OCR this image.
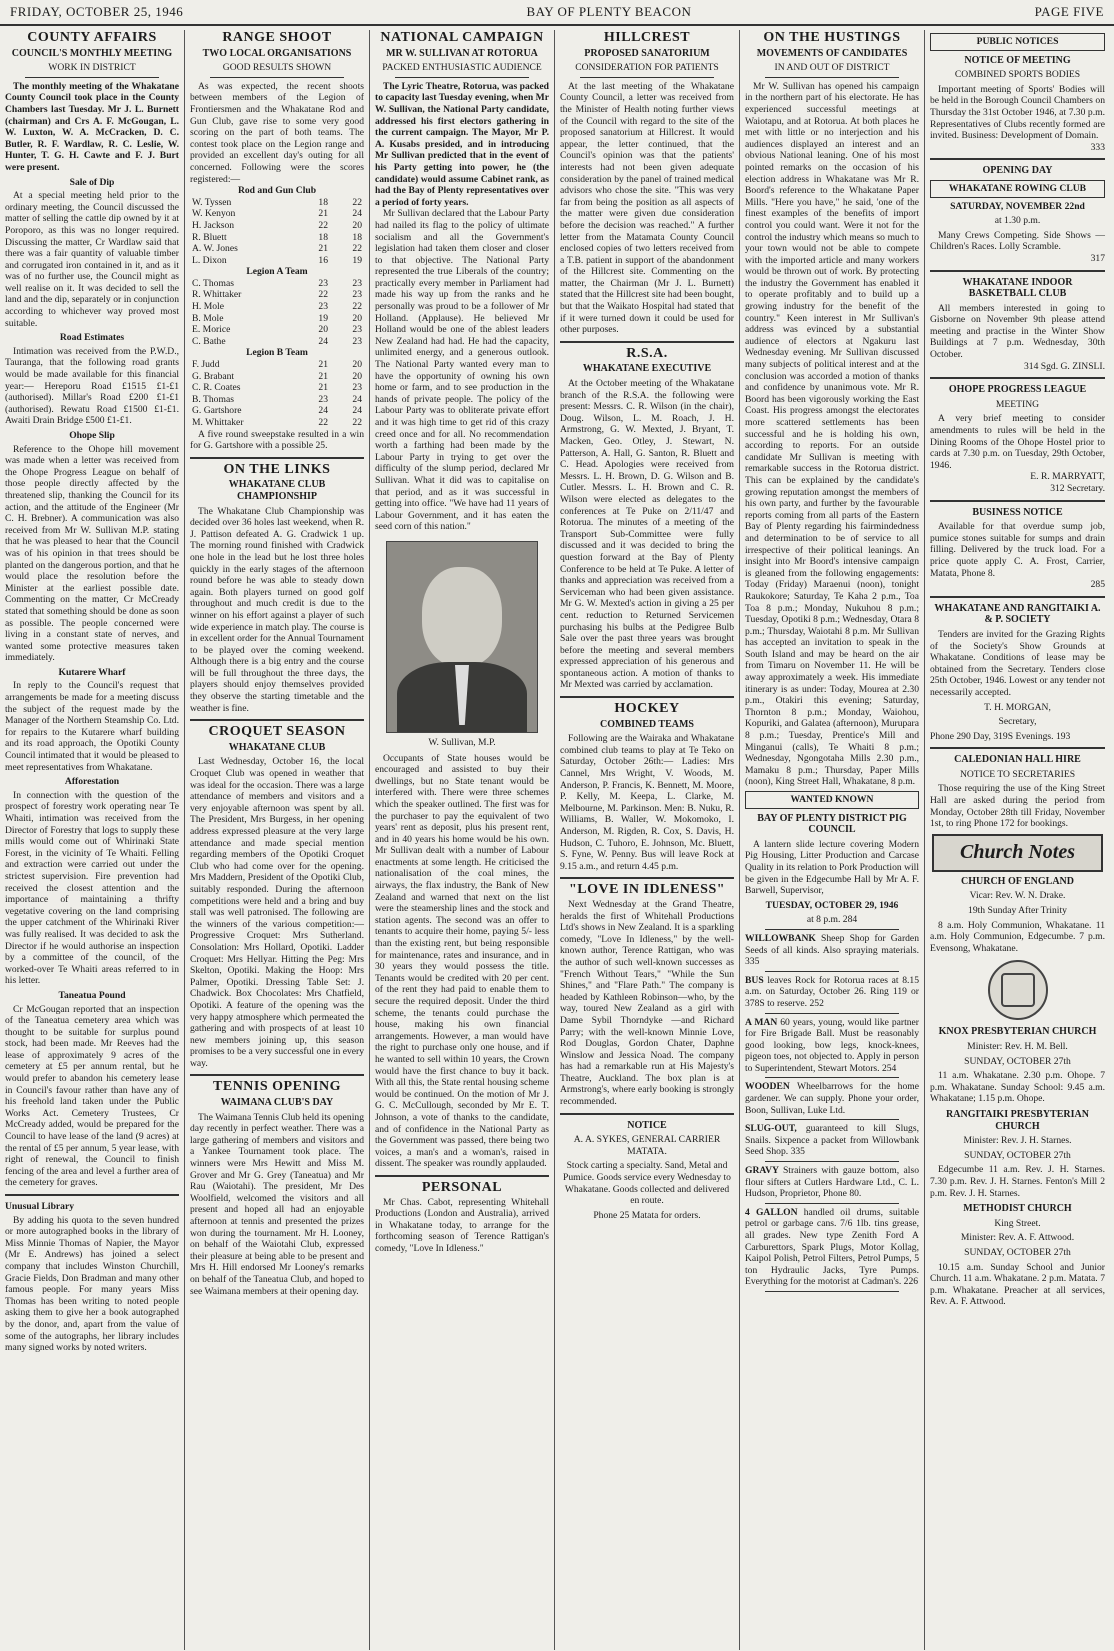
FRIDAY, OCTOBER 25, 1946	BAY OF PLENTY BEACON	PAGE FIVE
COUNTY AFFAIRS
COUNCIL'S MONTHLY MEETING
WORK IN DISTRICT

The monthly meeting of the Whakatane County Council took place in the County Chambers last Tuesday. Mr J. L. Burnett (chairman) and Crs A. F. McGougan, L. W. Luxton, W. A. McCracken, D. C. Butler, R. F. Wardlaw, R. C. Leslie, W. Hunter, T. G. H. Cawte and F. J. Burt were present.

Sale of Dip

At a special meeting held prior to the ordinary meeting, the Council discussed the matter of selling the cattle dip owned by it at Poroporo, as this was no longer required. Discussing the matter, Cr Wardlaw said that there was a fair quantity of valuable timber and corrugated iron contained in it, and as it was of no further use, the Council might as well realise on it. It was decided to sell the land and the dip, separately or in conjunction according to whichever way proved most suitable.

Road Estimates

Intimation was received from the P.W.D., Tauranga, that the following road grants would be made available for this financial year:— Hereporu Road £1515 £1-£1 (authorised). Millar's Road £200 £1-£1 (authorised). Rewatu Road £1500 £1-£1. Awaiti Drain Bridge £500 £1-£1.

Ohope Slip

Reference to the Ohope hill movement was made when a letter was received from the Ohope Progress League on behalf of those people directly affected by the threatened slip, thanking the Council for its action, and the attitude of the Engineer (Mr C. H. Brebner). A communication was also received from Mr W. Sullivan M.P. stating that he was pleased to hear that the Council was of his opinion in that trees should be planted on the dangerous portion, and that he would place the resolution before the Minister at the earliest possible date. Commenting on the matter, Cr McCready stated that something should be done as soon as possible. The people concerned were living in a constant state of nerves, and wanted some protective measures taken immediately.

Kutarere Wharf

In reply to the Council's request that arrangements be made for a meeting discuss the subject of the request made by the Manager of the Northern Steamship Co. Ltd. for repairs to the Kutarere wharf building and its road approach, the Opotiki County Council intimated that it would be pleased to meet representatives from Whakatane.

Afforestation

In connection with the question of the prospect of forestry work operating near Te Whaiti, intimation was received from the Director of Forestry that logs to supply these mills would come out of Whirinaki State Forest, in the vicinity of Te Whaiti. Felling and extraction were carried out under the strictest supervision. Fire prevention had received the closest attention and the importance of maintaining a thrifty vegetative covering on the land comprising the upper catchment of the Whirinaki River was fully realised. It was decided to ask the Director if he would authorise an inspection by a committee of the council, of the worked-over Te Whaiti areas referred to in his letter.

Taneatua Pound

Cr McGougan reported that an inspection of the Taneatua cemetery area which was thought to be suitable for surplus pound stock, had been made. Mr Reeves had the lease of approximately 9 acres of the cemetery at £5 per annum rental, but he would prefer to abandon his cemetery lease in Council's favour rather than have any of his freehold land taken under the Public Works Act. Cemetery Trustees, Cr McCready added, would be prepared for the Council to have lease of the land (9 acres) at the rental of £5 per annum, 5 year lease, with right of renewal, the Council to finish fencing of the area and level a further area of the cemetery for graves.

Unusual Library

By adding his quota to the seven hundred or more autographed books in the library of Miss Minnie Thomas of Napier, the Mayor (Mr E. Andrews) has joined a select company that includes Winston Churchill, Gracie Fields, Don Bradman and many other famous people. For many years Miss Thomas has been writing to noted people asking them to give her a book autographed by the donor, and, apart from the value of some of the autographs, her library includes many signed works by noted writers.

RANGE SHOOT
TWO LOCAL ORGANISATIONS
GOOD RESULTS SHOWN

As was expected, the recent shoots between members of the Legion of Frontiersmen and the Whakatane Rod and Gun Club, gave rise to some very good scoring on the part of both teams. The contest took place on the Legion range and provided an excellent day's outing for all concerned. Following were the scores registered:—

Rod and Gun Club
W. Tyssen	18	22
W. Kenyon	21	24
H. Jackson	22	20
R. Bluett	18	18
A. W. Jones	21	22
L. Dixon	16	19
Legion A Team
C. Thomas	23	23
R. Whittaker	22	23
H. Mole	23	22
B. Mole	19	20
E. Morice	20	23
C. Bathe	24	23
Legion B Team
F. Judd	21	20
G. Brabant	21	20
C. R. Coates	21	23
B. Thomas	23	24
G. Gartshore	24	24
M. Whittaker	22	22

A five round sweepstake resulted in a win for G. Gartshore with a possible 25.

ON THE LINKS
WHAKATANE CLUB CHAMPIONSHIP

The Whakatane Club Championship was decided over 36 holes last weekend, when R. J. Pattison defeated A. G. Cradwick 1 up. The morning round finished with Cradwick one hole in the lead but he lost three holes quickly in the early stages of the afternoon round before he was able to steady down again. Both players turned on good golf throughout and much credit is due to the winner on his effort against a player of such wide experience in match play. The course is in excellent order for the Annual Tournament to be played over the coming weekend. Although there is a big entry and the course will be full throughout the three days, the players should enjoy themselves provided they observe the starting timetable and the weather is fine.

CROQUET SEASON
WHAKATANE CLUB

Last Wednesday, October 16, the local Croquet Club was opened in weather that was ideal for the occasion. There was a large attendance of members and visitors and a very enjoyable afternoon was spent by all. The President, Mrs Burgess, in her opening address expressed pleasure at the very large attendance and made special mention regarding members of the Opotiki Croquet Club who had come over for the opening. Mrs Maddern, President of the Opotiki Club, suitably responded. During the afternoon competitions were held and a bring and buy stall was well patronised. The following are the winners of the various competition:— Progressive Croquet: Mrs Sutherland. Consolation: Mrs Hollard, Opotiki. Ladder Croquet: Mrs Hellyar. Hitting the Peg: Mrs Skelton, Opotiki. Making the Hoop: Mrs Palmer, Opotiki. Dressing Table Set: J. Chadwick. Box Chocolates: Mrs Chatfield, Opotiki. A feature of the opening was the very happy atmosphere which permeated the gathering and with prospects of at least 10 new members joining up, this season promises to be a very successful one in every way.

TENNIS OPENING
WAIMANA CLUB'S DAY

The Waimana Tennis Club held its opening day recently in perfect weather. There was a large gathering of members and visitors and a Yankee Tournament took place. The winners were Mrs Hewitt and Miss M. Grover and Mr G. Grey (Taneatua) and Mr Rau (Waiotahi). The president, Mr Des Woolfield, welcomed the visitors and all present and hoped all had an enjoyable afternoon at tennis and presented the prizes won during the tournament. Mr H. Looney, on behalf of the Waiotahi Club, expressed their pleasure at being able to be present and Mrs H. Hill endorsed Mr Looney's remarks on behalf of the Taneatua Club, and hoped to see Waimana members at their opening day.

NATIONAL CAMPAIGN
MR W. SULLIVAN AT ROTORUA
PACKED ENTHUSIASTIC AUDIENCE

The Lyric Theatre, Rotorua, was packed to capacity last Tuesday evening, when Mr W. Sullivan, the National Party candidate, addressed his first electors gathering in the current campaign. The Mayor, Mr P. A. Kusabs presided, and in introducing Mr Sullivan predicted that in the event of his Party getting into power, he (the candidate) would assume Cabinet rank, as had the Bay of Plenty representatives over a period of forty years.

Mr Sullivan declared that the Labour Party had nailed its flag to the policy of ultimate socialism and all the Government's legislation had taken them closer and closer to that objective. The National Party represented the true Liberals of the country; practically every member in Parliament had made his way up from the ranks and he personally was proud to be a follower of Mr Holland. (Applause). He believed Mr Holland would be one of the ablest leaders New Zealand had had. He had the capacity, unlimited energy, and a generous outlook. The National Party wanted every man to have the opportunity of owning his own home or farm, and to see production in the hands of private people. The policy of the Labour Party was to obliterate private effort and it was high time to get rid of this crazy creed once and for all. No recommendation worth a farthing had been made by the Labour Party in trying to get over the difficulty of the slump period, declared Mr Sullivan. What it did was to capitalise on that period, and as it was successful in getting into office. "We have had 11 years of Labour Government, and it has eaten the seed corn of this nation."

W. Sullivan, M.P.

Occupants of State houses would be encouraged and assisted to buy their dwellings, but no State tenant would be interfered with. There were three schemes which the speaker outlined. The first was for the purchaser to pay the equivalent of two years' rent as deposit, plus his present rent, and in 40 years his home would be his own. Mr Sullivan dealt with a number of Labour enactments at some length. He criticised the nationalisation of the coal mines, the airways, the flax industry, the Bank of New Zealand and warned that next on the list were the steamership lines and the stock and station agents. The second was an offer to tenants to acquire their home, paying 5/- less than the existing rent, but being responsible for maintenance, rates and insurance, and in 30 years they would possess the title. Tenants would be credited with 20 per cent. of the rent they had paid to enable them to secure the required deposit. Under the third scheme, the tenants could purchase the house, making his own financial arrangements. However, a man would have the right to purchase only one house, and if he wanted to sell within 10 years, the Crown would have the first chance to buy it back. With all this, the State rental housing scheme would be continued. On the motion of Mr J. G. C. McCullough, seconded by Mr E. T. Johnson, a vote of thanks to the candidate, and of confidence in the National Party as the Government was passed, there being two voices, a man's and a woman's, raised in dissent. The speaker was roundly applauded.

PERSONAL

Mr Chas. Cabot, representing Whitehall Productions (London and Australia), arrived in Whakatane today, to arrange for the forthcoming season of Terence Rattigan's comedy, "Love In Idleness."

HILLCREST
PROPOSED SANATORIUM
CONSIDERATION FOR PATIENTS

At the last meeting of the Whakatane County Council, a letter was received from the Minister of Health noting further views of the Council with regard to the site of the proposed sanatorium at Hillcrest. It would appear, the letter continued, that the Council's opinion was that the patients' interests had not been given adequate consideration by the panel of trained medical advisors who chose the site. "This was very far from being the position as all aspects of the matter were given due consideration before the decision was reached." A further letter from the Matamata County Council enclosed copies of two letters received from a T.B. patient in support of the abandonment of the Hillcrest site. Commenting on the matter, the Chairman (Mr J. L. Burnett) stated that the Hillcrest site had been bought, but that the Waikato Hospital had stated that if it were turned down it could be used for other purposes.

R.S.A.
WHAKATANE EXECUTIVE

At the October meeting of the Whakatane branch of the R.S.A. the following were present: Messrs. C. R. Wilson (in the chair), Doug. Wilson, L. M. Roach, J. H. Armstrong, G. W. Mexted, J. Bryant, T. Macken, Geo. Otley, J. Stewart, N. Patterson, A. Hall, G. Santon, R. Bluett and C. Head. Apologies were received from Messrs. L. H. Brown, D. G. Wilson and B. Cutler. Messrs. L. H. Brown and C. R. Wilson were elected as delegates to the conferences at Te Puke on 2/11/47 and Rotorua. The minutes of a meeting of the Transport Sub-Committee were fully discussed and it was decided to bring the question forward at the Bay of Plenty Conference to be held at Te Puke. A letter of thanks and appreciation was received from a Serviceman who had been given assistance. Mr G. W. Mexted's action in giving a 25 per cent. reduction to Returned Servicemen purchasing his bulbs at the Pedigree Bulb Sale over the past three years was brought before the meeting and several members expressed appreciation of his generous and spontaneous action. A motion of thanks to Mr Mexted was carried by acclamation.

HOCKEY
COMBINED TEAMS

Following are the Wairaka and Whakatane combined club teams to play at Te Teko on Saturday, October 26th:— Ladies: Mrs Cannel, Mrs Wright, V. Woods, M. Anderson, P. Francis, K. Bennett, M. Moore, P. Kelly, M. Keepa, L. Clarke, M. Melbourne, M. Parkinson. Men: B. Nuku, R. Williams, B. Waller, W. Mokomoko, I. Anderson, M. Rigden, R. Cox, S. Davis, H. Hudson, C. Tuhoro, E. Johnson, Mc. Bluett, S. Fyne, W. Penny. Bus will leave Rock at 9.15 a.m., and return 4.45 p.m.

"LOVE IN IDLENESS"

Next Wednesday at the Grand Theatre, heralds the first of Whitehall Productions Ltd's shows in New Zealand. It is a sparkling comedy, "Love In Idleness," by the well-known author, Terence Rattigan, who was the author of such well-known successes as "French Without Tears," "While the Sun Shines," and "Flare Path." The company is headed by Kathleen Robinson—who, by the way, toured New Zealand as a girl with Dame Sybil Thorndyke —and Richard Parry; with the well-known Minnie Love, Rod Douglas, Gordon Chater, Daphne Winslow and Jessica Noad. The company has had a remarkable run at His Majesty's Theatre, Auckland. The box plan is at Armstrong's, where early booking is strongly recommended.

NOTICE
A. A. SYKES, GENERAL CARRIER MATATA.
Stock carting a specialty. Sand, Metal and Pumice. Goods service every Wednesday to Whakatane. Goods collected and delivered en route.
Phone 25 Matata for orders.
ON THE HUSTINGS
MOVEMENTS OF CANDIDATES
IN AND OUT OF DISTRICT

Mr W. Sullivan has opened his campaign in the northern part of his electorate. He has experienced successful meetings at Waiotapu, and at Rotorua. At both places he met with little or no interjection and his audiences displayed an interest and an obvious National leaning. One of his most pointed remarks on the occasion of his election address in Whakatane was Mr R. Boord's reference to the Whakatane Paper Mills. "Here you have," he said, 'one of the finest examples of the benefits of import control you could want. Were it not for the control the industry which means so much to your town would not be able to compete with the imported article and many workers would be thrown out of work. By protecting the industry the Government has enabled it to operate profitably and to build up a growing industry for the benefit of the country." Keen interest in Mr Sullivan's address was evinced by a substantial audience of electors at Ngakuru last Wednesday evening. Mr Sullivan discussed many subjects of political interest and at the conclusion was accorded a motion of thanks and confidence by unanimous vote. Mr R. Boord has been vigorously working the East Coast. His progress amongst the electorates more scattered settlements has been successful and he is holding his own, according to reports. For an outside candidate Mr Sullivan is meeting with remarkable success in the Rotorua district. This can be explained by the candidate's growing reputation amongst the members of his own party, and further by the favourable reports coming from all parts of the Eastern Bay of Plenty regarding his fairmindedness and determination to be of service to all irrespective of their political leanings. An insight into Mr Boord's intensive campaign is gleaned from the following engagements: Today (Friday) Maraenui (noon), tonight Raukokore; Saturday, Te Kaha 2 p.m., Toa Toa 8 p.m.; Monday, Nukuhou 8 p.m.; Tuesday, Opotiki 8 p.m.; Wednesday, Otara 8 p.m.; Thursday, Waiotahi 8 p.m. Mr Sullivan has accepted an invitation to speak in the South Island and may be heard on the air from Timaru on November 11. He will be away approximately a week. His immediate itinerary is as under: Today, Mourea at 2.30 p.m., Otakiri this evening; Saturday, Thornton 8 p.m.; Monday, Waiohou, Kopuriki, and Galatea (afternoon), Murupara 8 p.m.; Tuesday, Prentice's Mill and Minganui (calls), Te Whaiti 8 p.m.; Wednesday, Ngongotaha Mills 2.30 p.m., Mamaku 8 p.m.; Thursday, Paper Mills (noon), King Street Hall, Whakatane, 8 p.m.

WANTED KNOWN
BAY OF PLENTY DISTRICT PIG COUNCIL

A lantern slide lecture covering Modern Pig Housing, Litter Production and Carcase Quality in its relation to Pork Production will be given in the Edgecumbe Hall by Mr A. F. Barwell, Supervisor,

TUESDAY, OCTOBER 29, 1946
at 8 p.m. 284
WILLOWBANK Sheep Shop for Garden Seeds of all kinds. Also spraying materials. 335
BUS leaves Rock for Rotorua races at 8.15 a.m. on Saturday, October 26. Ring 119 or 378S to reserve. 252
A MAN 60 years, young, would like partner for Fire Brigade Ball. Must be reasonably good looking, bow legs, knock-knees, pigeon toes, not objected to. Apply in person to Superintendent, Stewart Motors. 254
WOODEN Wheelbarrows for the home gardener. We can supply. Phone your order, Boon, Sullivan, Luke Ltd.
SLUG-OUT, guaranteed to kill Slugs, Snails. Sixpence a packet from Willowbank Seed Shop. 335
GRAVY Strainers with gauze bottom, also flour sifters at Cutlers Hardware Ltd., C. L. Hudson, Proprietor, Phone 80.
4 GALLON handled oil drums, suitable petrol or garbage cans. 7/6 1lb. tins grease, all grades. New type Zenith Ford A Carburettors, Spark Plugs, Motor Kollag, Kaipol Polish, Petrol Filters, Petrol Pumps, 5 ton Hydraulic Jacks, Tyre Pumps. Everything for the motorist at Cadman's. 226
PUBLIC NOTICES
NOTICE OF MEETING
COMBINED SPORTS BODIES

Important meeting of Sports' Bodies will be held in the Borough Council Chambers on Thursday the 31st October 1946, at 7.30 p.m. Representatives of Clubs recently formed are invited. Business: Development of Domain.

333
OPENING DAY
WHAKATANE ROWING CLUB
SATURDAY, NOVEMBER 22nd
at 1.30 p.m.

Many Crews Competing. Side Shows — Children's Races. Lolly Scramble.

317
WHAKATANE INDOOR BASKETBALL CLUB

All members interested in going to Gisborne on November 9th please attend meeting and practise in the Winter Show Buildings at 7 p.m. Wednesday, 30th October.

314 Sgd. G. ZINSLI.
OHOPE PROGRESS LEAGUE
MEETING

A very brief meeting to consider amendments to rules will be held in the Dining Rooms of the Ohope Hostel prior to cards at 7.30 p.m. on Tuesday, 29th October, 1946.

E. R. MARRYATT,
312 Secretary.
BUSINESS NOTICE

Available for that overdue sump job, pumice stones suitable for sumps and drain filling. Delivered by the truck load. For a price quote apply C. A. Frost, Carrier, Matata, Phone 8.

285
WHAKATANE AND RANGITAIKI A. & P. SOCIETY

Tenders are invited for the Grazing Rights of the Society's Show Grounds at Whakatane. Conditions of lease may be obtained from the Secretary. Tenders close 25th October, 1946. Lowest or any tender not necessarily accepted.

T. H. MORGAN,
Secretary,
Phone 290 Day, 319S Evenings. 193
CALEDONIAN HALL HIRE
NOTICE TO SECRETARIES

Those requiring the use of the King Street Hall are asked during the period from Monday, October 28th till Friday, November 1st, to ring Phone 172 for bookings.

Church Notes
CHURCH OF ENGLAND
Vicar: Rev. W. N. Drake.
19th Sunday After Trinity

8 a.m. Holy Communion, Whakatane. 11 a.m. Holy Communion, Edgecumbe. 7 p.m. Evensong, Whakatane.

KNOX PRESBYTERIAN CHURCH
Minister: Rev. H. M. Bell.
SUNDAY, OCTOBER 27th

11 a.m. Whakatane. 2.30 p.m. Ohope. 7 p.m. Whakatane. Sunday School: 9.45 a.m. Whakatane; 1.15 p.m. Ohope.

RANGITAIKI PRESBYTERIAN CHURCH
Minister: Rev. J. H. Starnes.
SUNDAY, OCTOBER 27th

Edgecumbe 11 a.m. Rev. J. H. Starnes. 7.30 p.m. Rev. J. H. Starnes. Fenton's Mill 2 p.m. Rev. J. H. Starnes.

METHODIST CHURCH
King Street.
Minister: Rev. A. F. Attwood.
SUNDAY, OCTOBER 27th

10.15 a.m. Sunday School and Junior Church. 11 a.m. Whakatane. 2 p.m. Matata. 7 p.m. Whakatane. Preacher at all services, Rev. A. F. Attwood.
